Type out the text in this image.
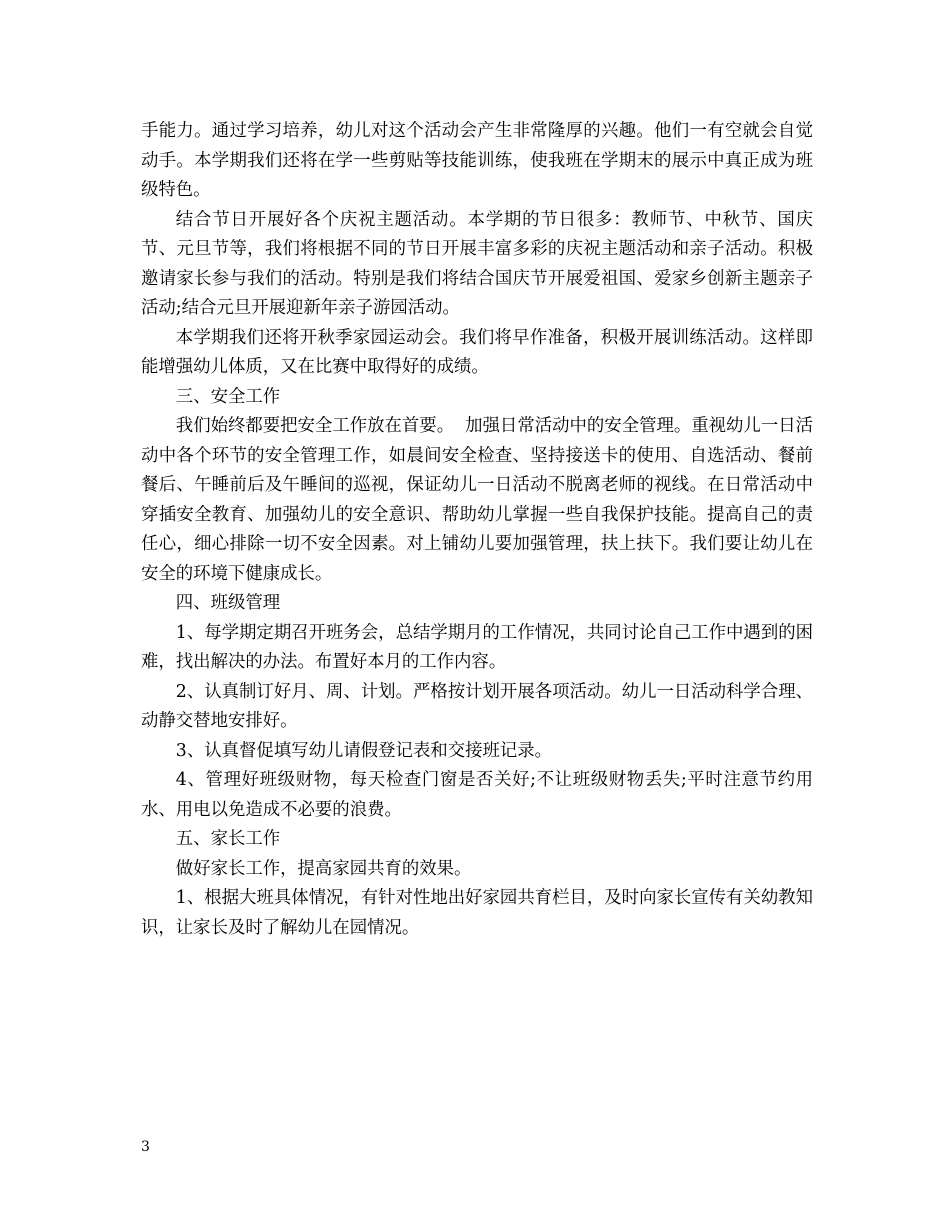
手能力。通过学习培养，幼儿对这个活动会产生非常隆厚的兴趣。他们一有空就会自觉动手。本学期我们还将在学一些剪贴等技能训练，使我班在学期末的展示中真正成为班级特色。

结合节日开展好各个庆祝主题活动。本学期的节日很多：教师节、中秋节、国庆节、元旦节等，我们将根据不同的节日开展丰富多彩的庆祝主题活动和亲子活动。积极邀请家长参与我们的活动。特别是我们将结合国庆节开展爱祖国、爱家乡创新主题亲子活动;结合元旦开展迎新年亲子游园活动。

本学期我们还将开秋季家园运动会。我们将早作准备，积极开展训练活动。这样即能增强幼儿体质，又在比赛中取得好的成绩。

三、安全工作

我们始终都要把安全工作放在首要。  加强日常活动中的安全管理。重视幼儿一日活动中各个环节的安全管理工作，如晨间安全检查、坚持接送卡的使用、自选活动、餐前餐后、午睡前后及午睡间的巡视，保证幼儿一日活动不脱离老师的视线。在日常活动中穿插安全教育、加强幼儿的安全意识、帮助幼儿掌握一些自我保护技能。提高自己的责任心，细心排除一切不安全因素。对上铺幼儿要加强管理，扶上扶下。我们要让幼儿在安全的环境下健康成长。

四、班级管理

1、每学期定期召开班务会，总结学期月的工作情况，共同讨论自己工作中遇到的困难，找出解决的办法。布置好本月的工作内容。

2、认真制订好月、周、计划。严格按计划开展各项活动。幼儿一日活动科学合理、动静交替地安排好。

3、认真督促填写幼儿请假登记表和交接班记录。

4、管理好班级财物，每天检查门窗是否关好;不让班级财物丢失;平时注意节约用水、用电以免造成不必要的浪费。

五、家长工作

做好家长工作，提高家园共育的效果。

1、根据大班具体情况，有针对性地出好家园共育栏目，及时向家长宣传有关幼教知识，让家长及时了解幼儿在园情况。

3
